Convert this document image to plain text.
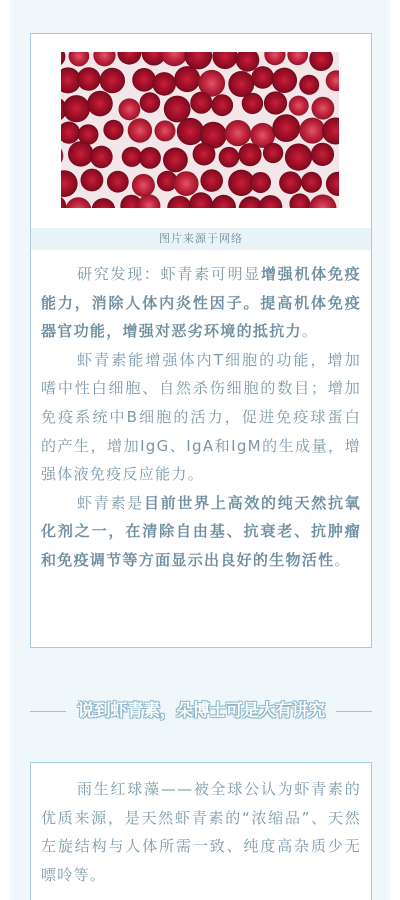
图片来源于网络

研究发现：虾青素可明显增强机体免疫能力，消除人体内炎性因子。提高机体免疫器官功能，增强对恶劣环境的抵抗力。

虾青素能增强体内T细胞的功能，增加嗜中性白细胞、自然杀伤细胞的数目；增加免疫系统中B细胞的活力，促进免疫球蛋白的产生，增加IgG、IgA和IgM的生成量，增强体液免疫反应能力。

虾青素是目前世界上高效的纯天然抗氧化剂之一，在清除自由基、抗衰老、抗肿瘤和免疫调节等方面显示出良好的生物活性。

说到虾青素，朵博士可是大有讲究

雨生红球藻——被全球公认为虾青素的优质来源，是天然虾青素的“浓缩品”、天然左旋结构与人体所需一致、纯度高杂质少无嘌呤等。
